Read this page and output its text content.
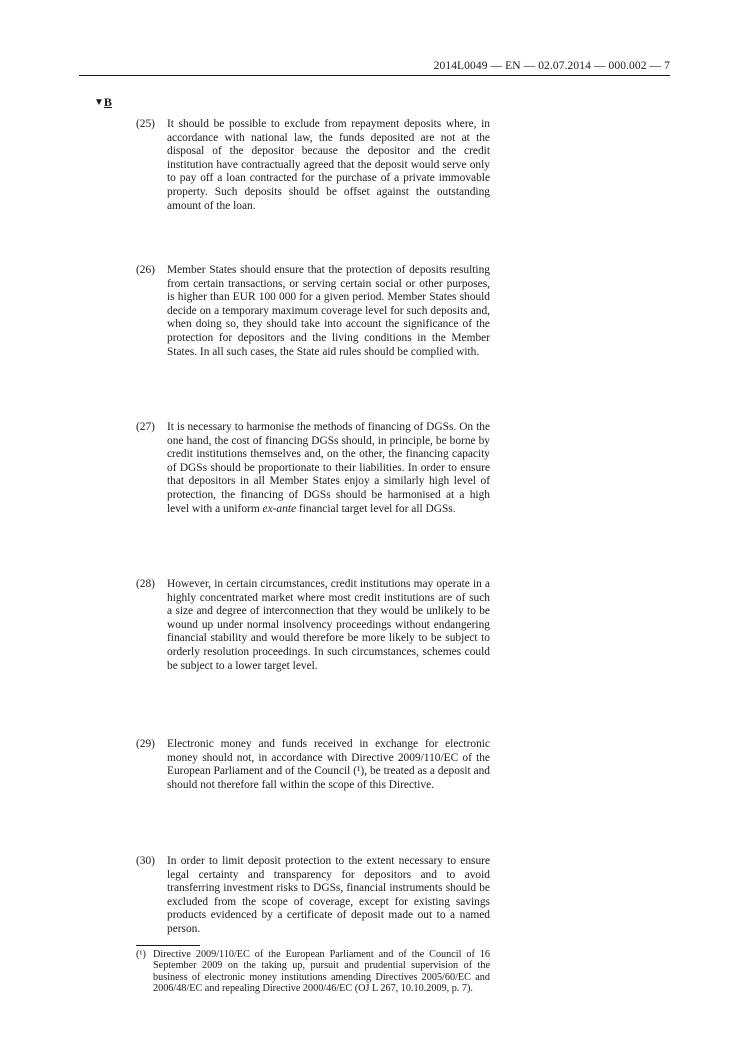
2014L0049 — EN — 02.07.2014 — 000.002 — 7
▼B
(25) It should be possible to exclude from repayment deposits where, in accordance with national law, the funds deposited are not at the disposal of the depositor because the depositor and the credit institution have contractually agreed that the deposit would serve only to pay off a loan contracted for the purchase of a private immovable property. Such deposits should be offset against the outstanding amount of the loan.
(26) Member States should ensure that the protection of deposits resulting from certain transactions, or serving certain social or other purposes, is higher than EUR 100 000 for a given period. Member States should decide on a temporary maximum coverage level for such deposits and, when doing so, they should take into account the significance of the protection for depositors and the living conditions in the Member States. In all such cases, the State aid rules should be complied with.
(27) It is necessary to harmonise the methods of financing of DGSs. On the one hand, the cost of financing DGSs should, in principle, be borne by credit institutions themselves and, on the other, the financing capacity of DGSs should be proportionate to their liabilities. In order to ensure that depositors in all Member States enjoy a similarly high level of protection, the financing of DGSs should be harmonised at a high level with a uniform ex-ante financial target level for all DGSs.
(28) However, in certain circumstances, credit institutions may operate in a highly concentrated market where most credit institutions are of such a size and degree of interconnection that they would be unlikely to be wound up under normal insolvency proceedings without endangering financial stability and would therefore be more likely to be subject to orderly resolution proceedings. In such circumstances, schemes could be subject to a lower target level.
(29) Electronic money and funds received in exchange for electronic money should not, in accordance with Directive 2009/110/EC of the European Parliament and of the Council (¹), be treated as a deposit and should not therefore fall within the scope of this Directive.
(30) In order to limit deposit protection to the extent necessary to ensure legal certainty and transparency for depositors and to avoid transferring investment risks to DGSs, financial instruments should be excluded from the scope of coverage, except for existing savings products evidenced by a certificate of deposit made out to a named person.
(¹) Directive 2009/110/EC of the European Parliament and of the Council of 16 September 2009 on the taking up, pursuit and prudential supervision of the business of electronic money institutions amending Directives 2005/60/EC and 2006/48/EC and repealing Directive 2000/46/EC (OJ L 267, 10.10.2009, p. 7).
